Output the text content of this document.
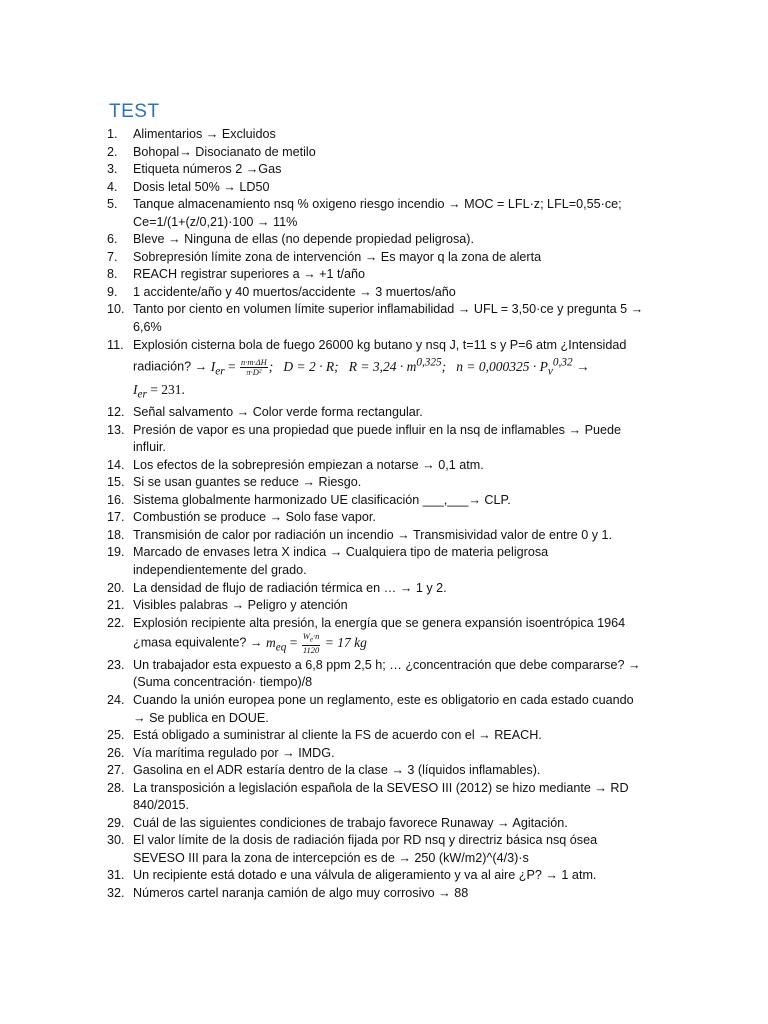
TEST
1. Alimentarios → Excluidos
2. Bohopal→ Disocianato de metilo
3. Etiqueta números 2 →Gas
4. Dosis letal 50% → LD50
5. Tanque almacenamiento nsq % oxigeno riesgo incendio → MOC = LFL·z; LFL=0,55·ce; Ce=1/(1+(z/0,21)·100 → 11%
6. Bleve → Ninguna de ellas (no depende propiedad peligrosa).
7. Sobrepresión límite zona de intervención → Es mayor q la zona de alerta
8. REACH registrar superiores a → +1 t/año
9. 1 accidente/año y 40 muertos/accidente → 3 muertos/año
10. Tanto por ciento en volumen límite superior inflamabilidad → UFL = 3,50·ce y pregunta 5 → 6,6%
11. Explosión cisterna bola de fuego 26000 kg butano y nsq J, t=11 s y P=6 atm ¿Intensidad radiación? → $I_{er} = \frac{n\cdot m\cdot\Delta H}{\text{π·D²}}$ ;   D = 2 · R; $R = 3,24 \cdot m^{0,325}$;   $n = 0,000325 \cdot P_v^{0,32}$ →
$I_{er} = 231$.
12. Señal salvamento → Color verde forma rectangular.
13. Presión de vapor es una propiedad que puede influir en la nsq de inflamables → Puede influir.
14. Los efectos de la sobrepresión empiezan a notarse → 0,1 atm.
15. Si se usan guantes se reduce → Riesgo.
16. Sistema globalmente harmonizado UE clasificación ___,___→ CLP.
17. Combustión se produce → Solo fase vapor.
18. Transmisión de calor por radiación un incendio → Transmisividad valor de entre 0 y 1.
19. Marcado de envases letra X indica → Cualquiera tipo de materia peligrosa independientemente del grado.
20. La densidad de flujo de radiación térmica en … → 1 y 2.
21. Visibles palabras → Peligro y atención
22. Explosión recipiente alta presión, la energía que se genera expansión isoentrópica 1964 ¿masa equivalente? → $m_{eq} = \frac{W_e\cdot n}{1120} = 17$ kg
23. Un trabajador esta expuesto a 6,8 ppm 2,5 h; … ¿concentración que debe compararse? → (Suma concentración· tiempo)/8
24. Cuando la unión europea pone un reglamento, este es obligatorio en cada estado cuando → Se publica en DOUE.
25. Está obligado a suministrar al cliente la FS de acuerdo con el → REACH.
26. Vía marítima regulado por → IMDG.
27. Gasolina en el ADR estaría dentro de la clase → 3 (líquidos inflamables).
28. La transposición a legislación española de la SEVESO III (2012) se hizo mediante → RD 840/2015.
29. Cuál de las siguientes condiciones de trabajo favorece Runaway → Agitación.
30. El valor límite de la dosis de radiación fijada por RD nsq y directriz básica nsq ósea SEVESO III para la zona de intercepción es de → 250 (kW/m2)^(4/3)·s
31. Un recipiente está dotado e una válvula de aligeramiento y va al aire ¿P? → 1 atm.
32. Números cartel naranja camión de algo muy corrosivo → 88
